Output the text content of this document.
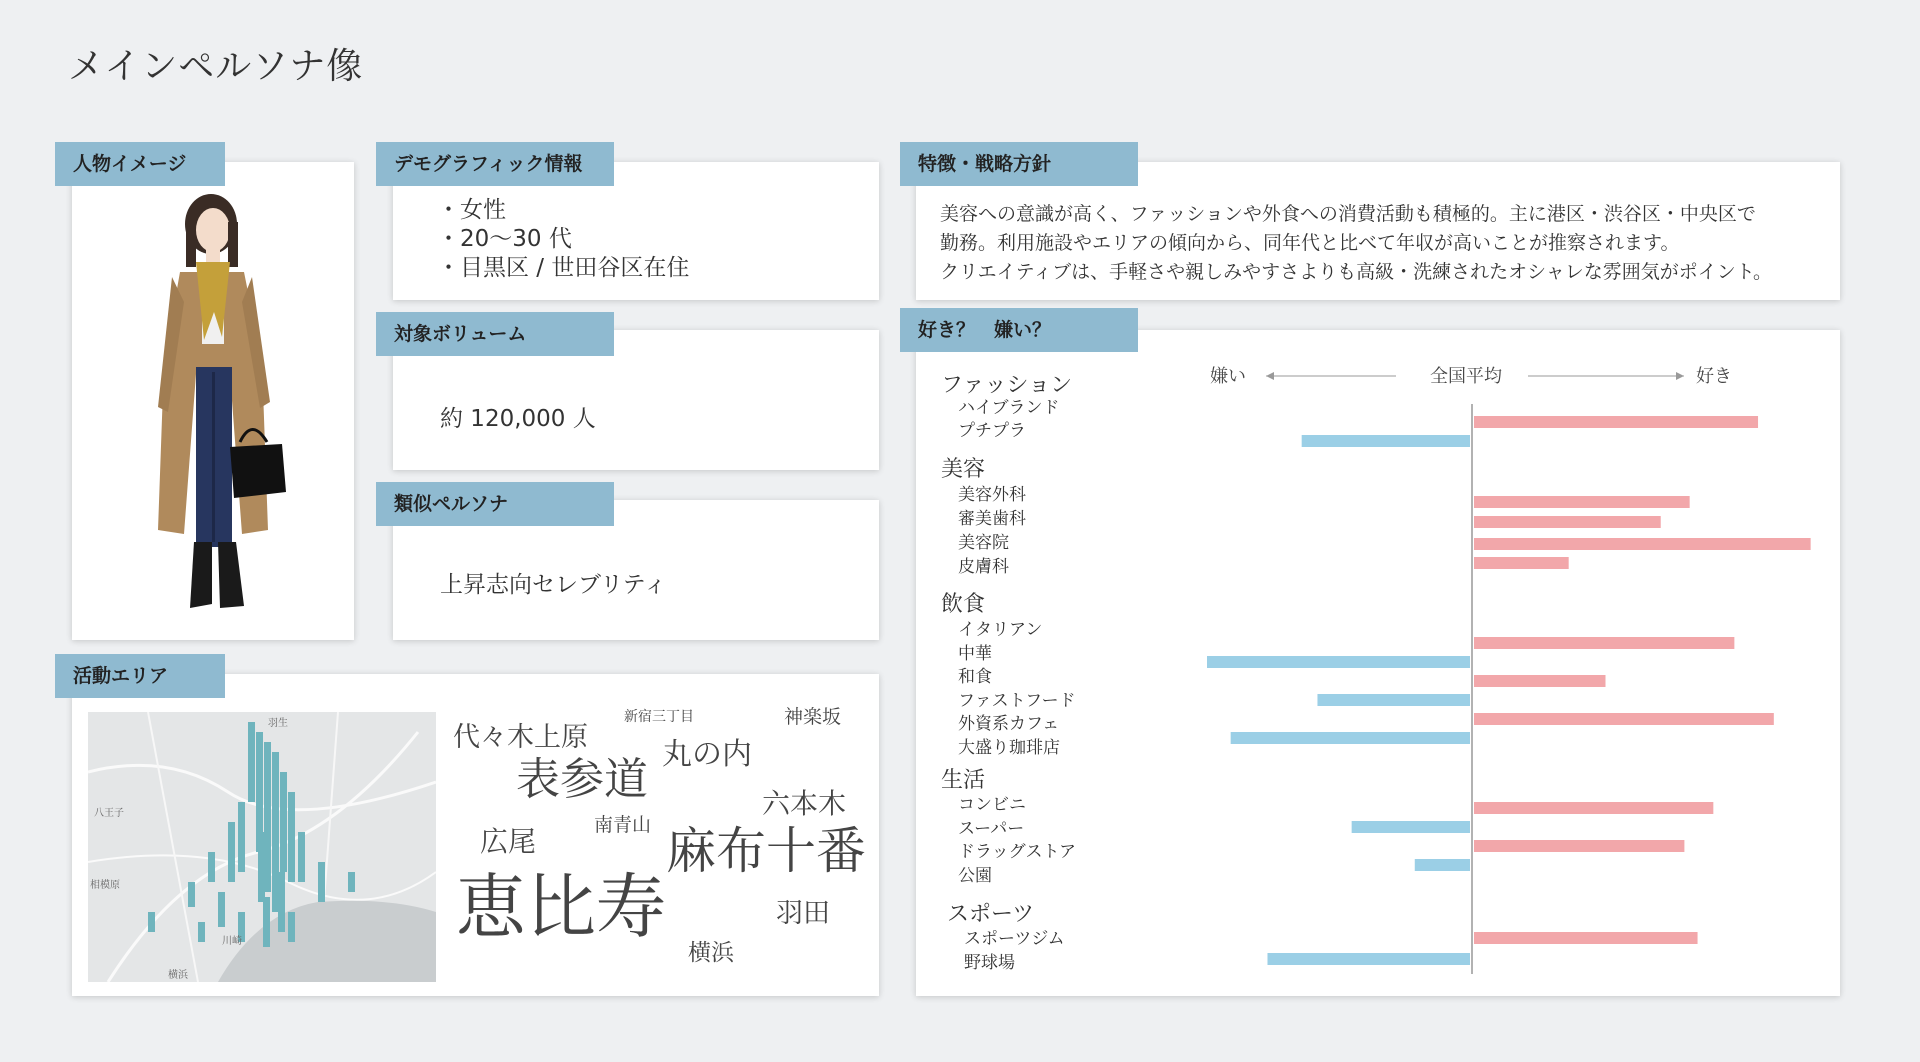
メインペルソナ像
人物イメージ	デモグラフィック情報
・女性
・20〜30 代
・目黒区 / 世田谷区在住
対象ボリューム
約 120,000 人
類似ペルソナ
上昇志向セレブリティ
活動エリア
羽生
八王子
相模原
横浜
川崎
代々木上原
新宿三丁目	神楽坂
表参道 丸の内
六本木
広尾	南青山 麻布十番
恵比寿	羽田
横浜
特徴・戦略方針

美容への意識が高く、ファッションや外食への消費活動も積極的。主に港区・渋谷区・中央区で

勤務。利用施設やエリアの傾向から、同年代と比べて年収が高いことが推察されます。

クリエイティブは、手軽さや親しみやすさよりも高級・洗練されたオシャレな雰囲気がポイント。

好き？　嫌い？
嫌い	全国平均	好き
ファッション
ハイブランド
プチプラ
美容
美容外科
審美歯科
美容院
皮膚科
飲食
イタリアン
中華
和食
ファストフード
外資系カフェ
大盛り珈琲店
生活
コンビニ
スーパー
ドラッグストア
公園
スポーツ
スポーツジム
野球場
